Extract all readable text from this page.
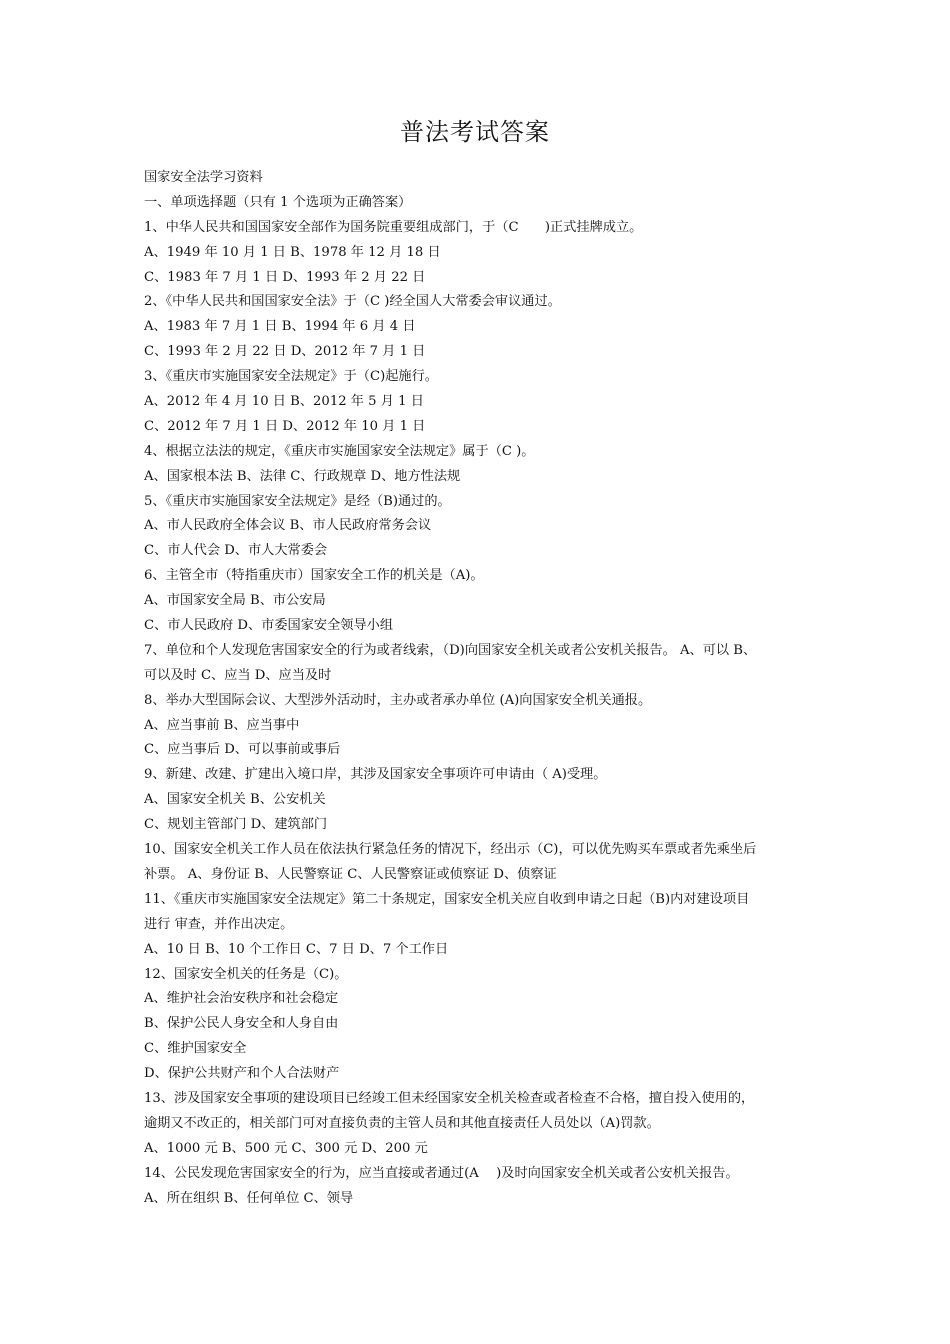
普法考试答案
国家安全法学习资料
一、单项选择题（只有 1 个选项为正确答案）
1、中华人民共和国国家安全部作为国务院重要组成部门，于（C　　)正式挂牌成立。
A、1949 年 10 月 1 日 B、1978 年 12 月 18 日
C、1983 年 7 月 1 日 D、1993 年 2 月 22 日
2、《中华人民共和国国家安全法》于（C )经全国人大常委会审议通过。
A、1983 年 7 月 1 日 B、1994 年 6 月 4 日
C、1993 年 2 月 22 日 D、2012 年 7 月 1 日
3、《重庆市实施国家安全法规定》于（C)起施行。
A、2012 年 4 月 10 日 B、2012 年 5 月 1 日
C、2012 年 7 月 1 日 D、2012 年 10 月 1 日
4、根据立法法的规定，《重庆市实施国家安全法规定》属于（C )。
A、国家根本法 B、法律 C、行政规章 D、地方性法规
5、《重庆市实施国家安全法规定》是经（B)通过的。
A、市人民政府全体会议 B、市人民政府常务会议
C、市人代会 D、市人大常委会
6、主管全市（特指重庆市）国家安全工作的机关是（A)。
A、市国家安全局 B、市公安局
C、市人民政府 D、市委国家安全领导小组
7、单位和个人发现危害国家安全的行为或者线索，（D)向国家安全机关或者公安机关报告。 A、可以 B、
可以及时 C、应当 D、应当及时
8、举办大型国际会议、大型涉外活动时，主办或者承办单位 (A)向国家安全机关通报。
A、应当事前 B、应当事中
C、应当事后 D、可以事前或事后
9、新建、改建、扩建出入境口岸，其涉及国家安全事项许可申请由（ A)受理。
A、国家安全机关 B、公安机关
C、规划主管部门 D、建筑部门
10、国家安全机关工作人员在依法执行紧急任务的情况下，经出示（C)，可以优先购买车票或者先乘坐后
补票。 A、身份证 B、人民警察证 C、人民警察证或侦察证 D、侦察证
11、《重庆市实施国家安全法规定》第二十条规定，国家安全机关应自收到申请之日起（B)内对建设项目
进行 审查，并作出决定。
A、10 日 B、10 个工作日 C、7 日 D、7 个工作日
12、国家安全机关的任务是（C)。
A、维护社会治安秩序和社会稳定
B、保护公民人身安全和人身自由
C、维护国家安全
D、保护公共财产和个人合法财产
13、涉及国家安全事项的建设项目已经竣工但未经国家安全机关检查或者检查不合格，擅自投入使用的，
逾期又不改正的，相关部门可对直接负责的主管人员和其他直接责任人员处以（A)罚款。
A、1000 元 B、500 元 C、300 元 D、200 元
14、公民发现危害国家安全的行为，应当直接或者通过(A　 )及时向国家安全机关或者公安机关报告。
A、所在组织 B、任何单位 C、领导
